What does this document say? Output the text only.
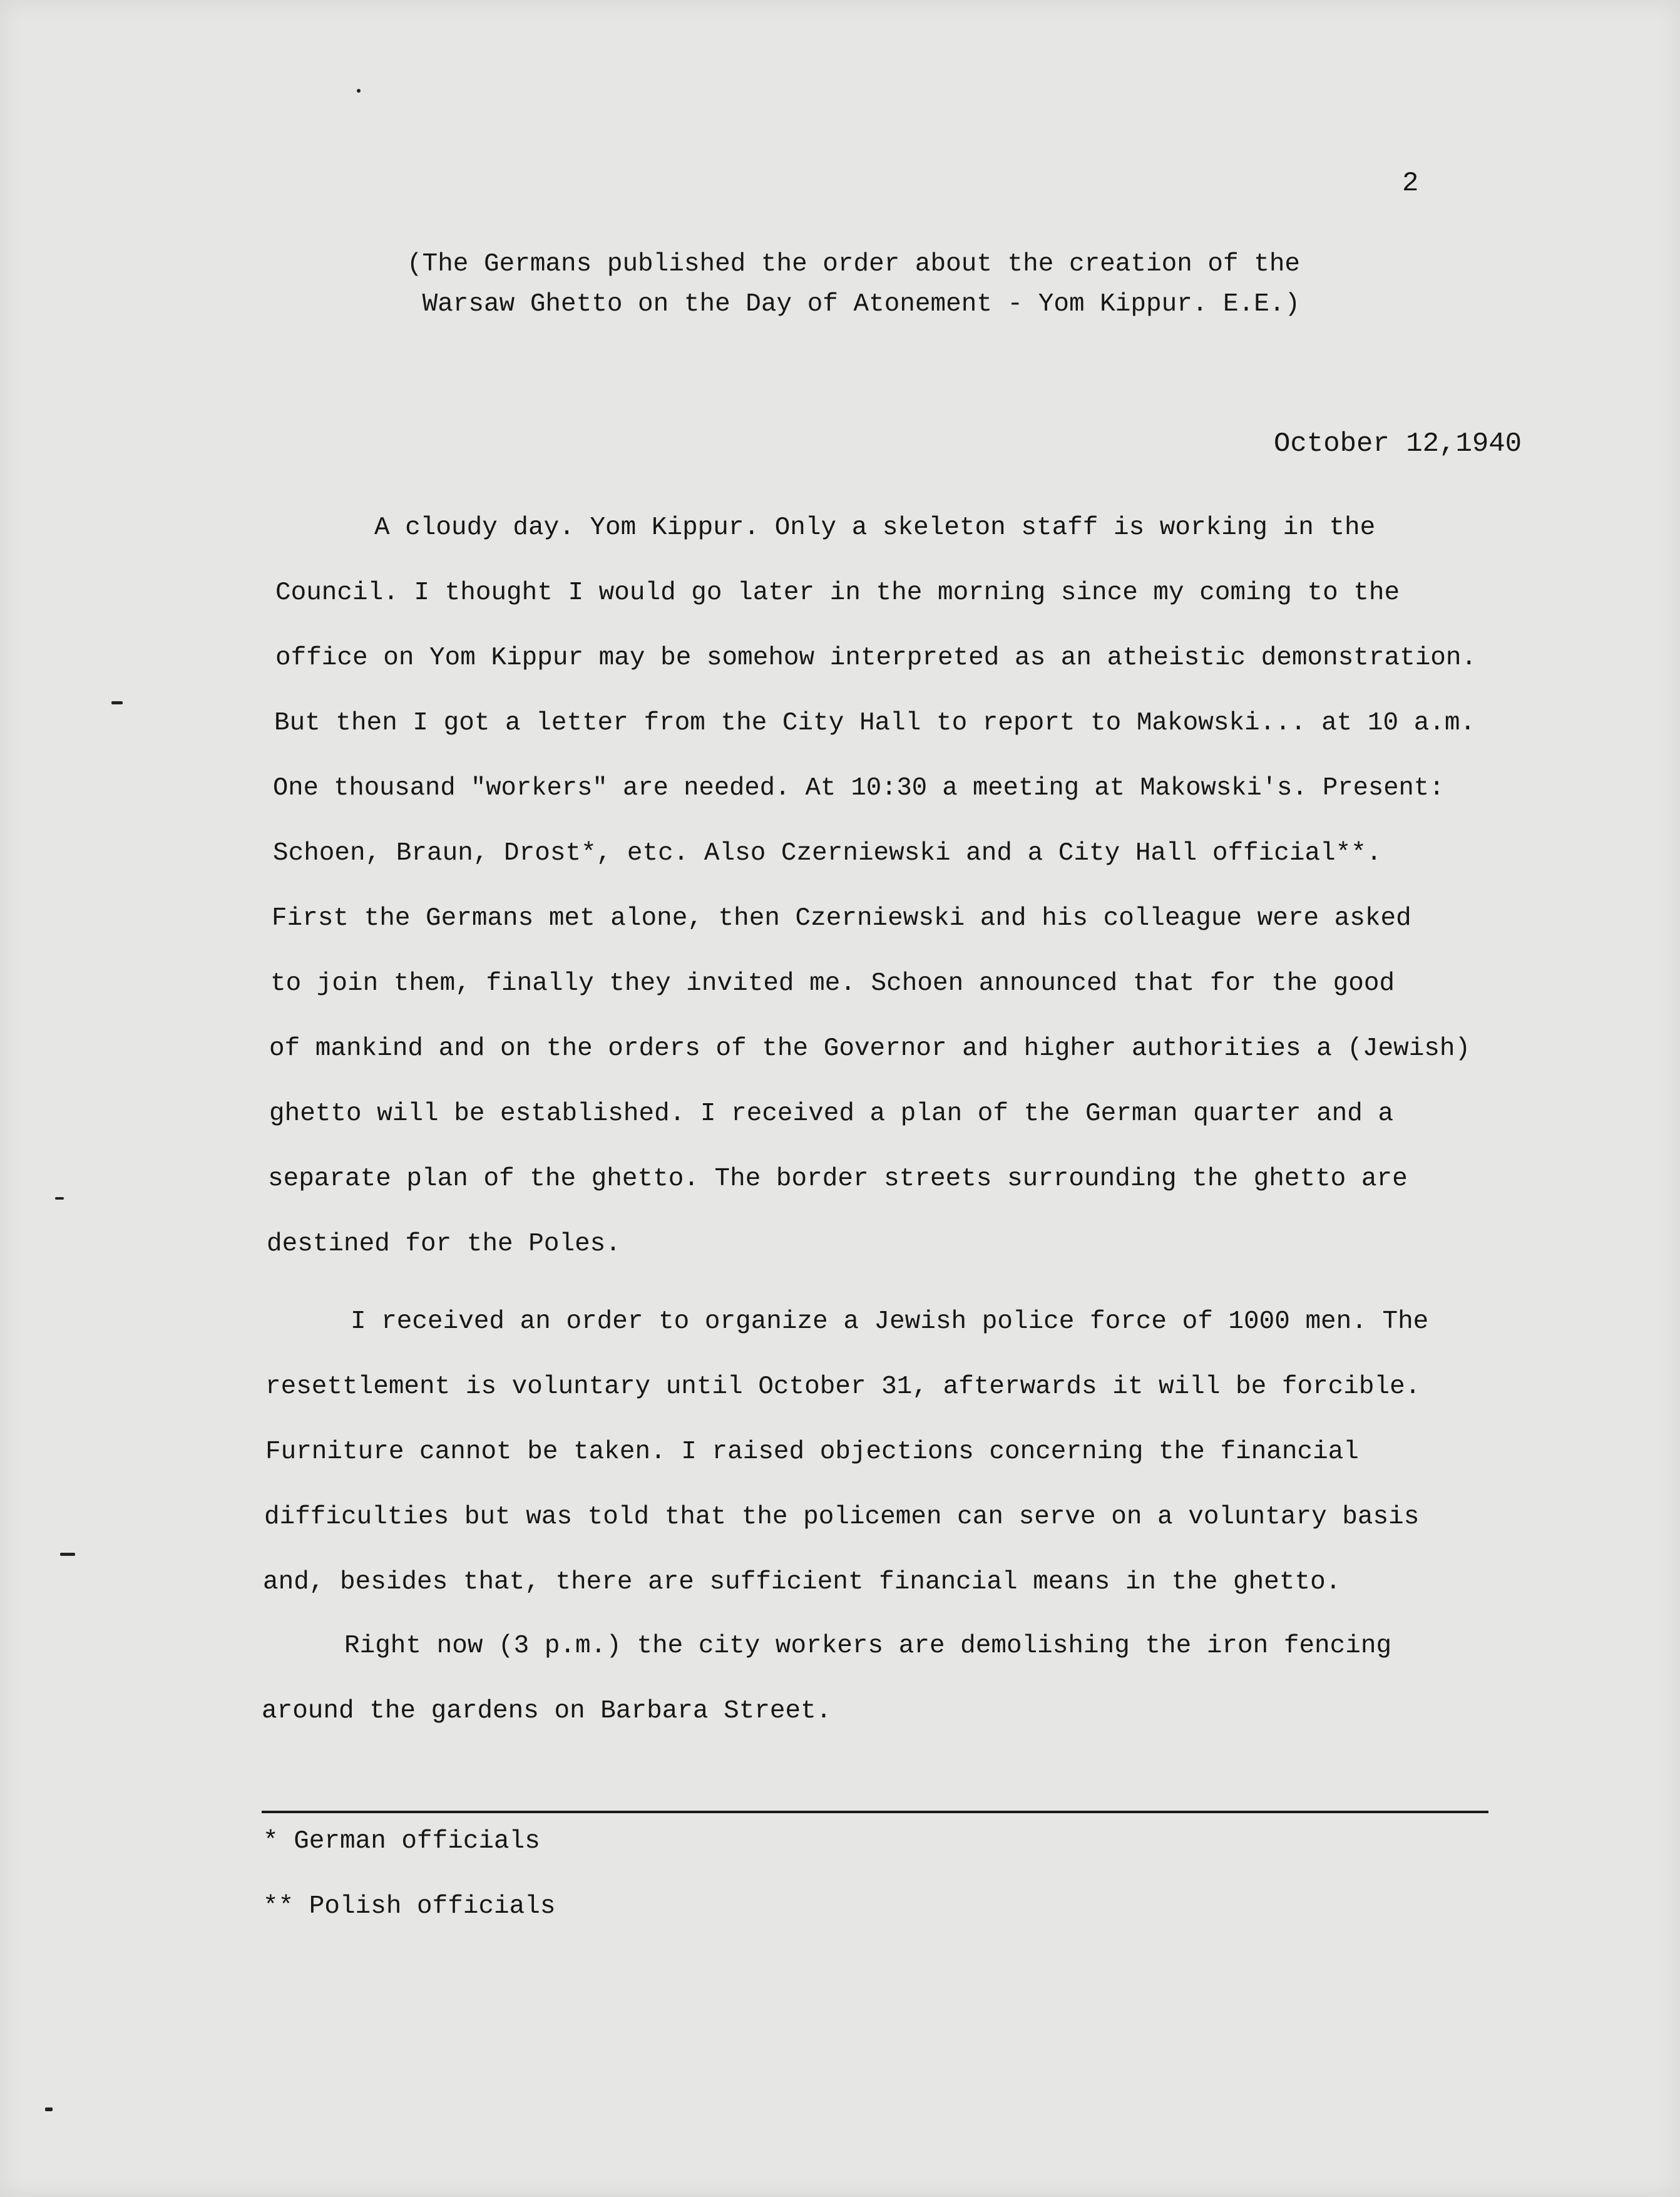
2
(The Germans published the order about the creation of the
Warsaw Ghetto on the Day of Atonement - Yom Kippur. E.E.)
October 12,1940
A cloudy day. Yom Kippur. Only a skeleton staff is working in the
Council. I thought I would go later in the morning since my coming to the
office on Yom Kippur may be somehow interpreted as an atheistic demonstration.
But then I got a letter from the City Hall to report to Makowski... at 10 a.m.
One thousand "workers" are needed. At 10:30 a meeting at Makowski's. Present:
Schoen, Braun, Drost*, etc. Also Czerniewski and a City Hall official**.
First the Germans met alone, then Czerniewski and his colleague were asked
to join them, finally they invited me. Schoen announced that for the good
of mankind and on the orders of the Governor and higher authorities a (Jewish)
ghetto will be established. I received a plan of the German quarter and a
separate plan of the ghetto. The border streets surrounding the ghetto are
destined for the Poles.
I received an order to organize a Jewish police force of 1000 men. The
resettlement is voluntary until October 31, afterwards it will be forcible.
Furniture cannot be taken. I raised objections concerning the financial
difficulties but was told that the policemen can serve on a voluntary basis
and, besides that, there are sufficient financial means in the ghetto.
Right now (3 p.m.) the city workers are demolishing the iron fencing
around the gardens on Barbara Street.
* German officials
** Polish officials
